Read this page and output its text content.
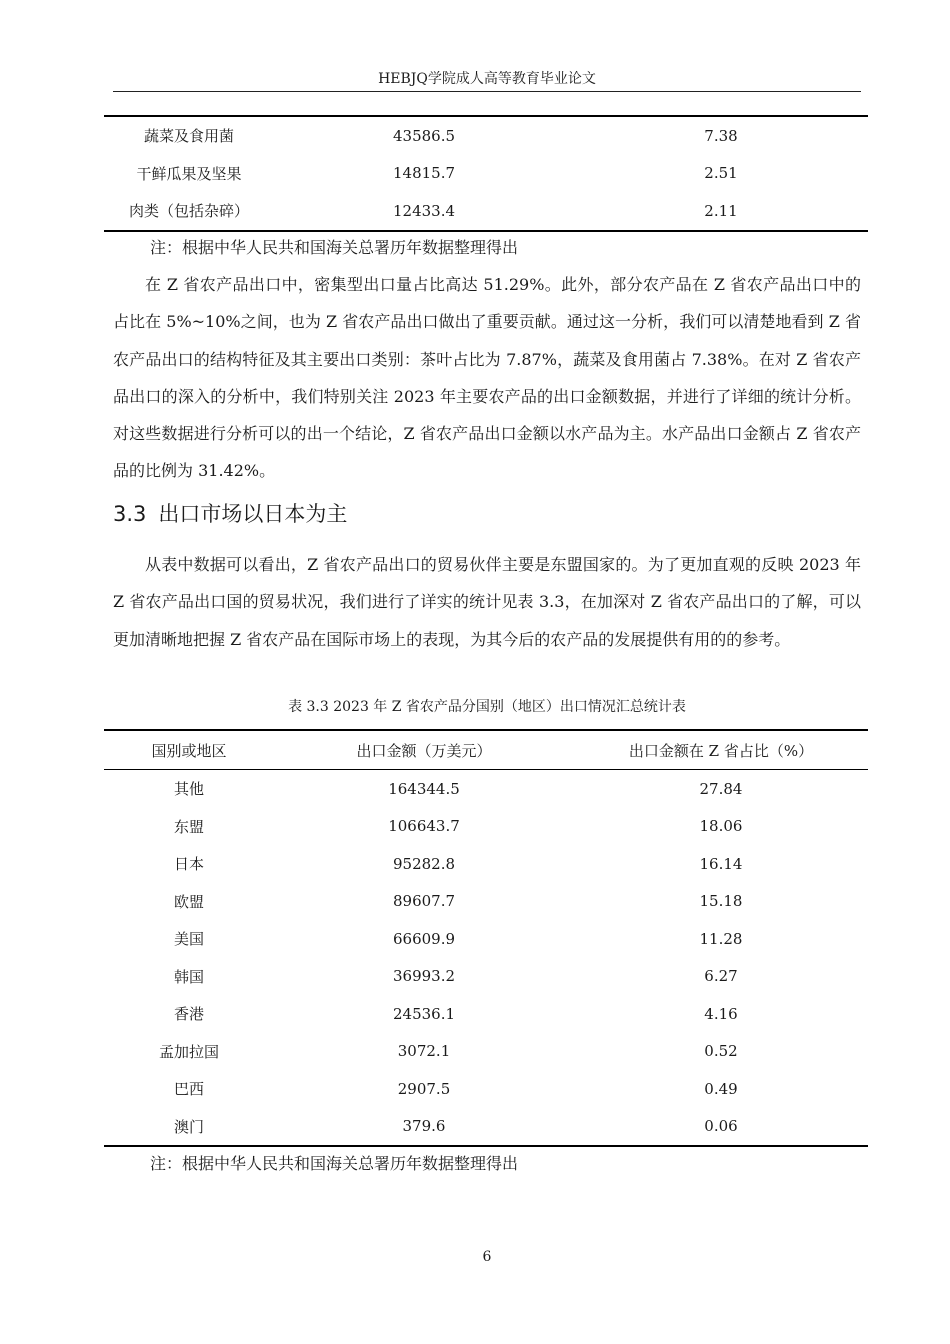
HEBJQ学院成人高等教育毕业论文
蔬菜及食用菌	43586.5	7.38
干鲜瓜果及坚果	14815.7	2.51
肉类（包括杂碎）	12433.4	2.11
注：根据中华人民共和国海关总署历年数据整理得出

在 Z 省农产品出口中，密集型出口量占比高达 51.29%。此外，部分农产品在 Z 省农产品出口中的占比在 5%~10%之间，也为 Z 省农产品出口做出了重要贡献。通过这一分析，我们可以清楚地看到 Z 省农产品出口的结构特征及其主要出口类别：茶叶占比为 7.87%，蔬菜及食用菌占 7.38%。在对 Z 省农产品出口的深入的分析中，我们特别关注 2023 年主要农产品的出口金额数据，并进行了详细的统计分析。对这些数据进行分析可以的出一个结论，Z 省农产品出口金额以水产品为主。水产品出口金额占 Z 省农产品的比例为 31.42%。

3.3 出口市场以日本为主

从表中数据可以看出，Z 省农产品出口的贸易伙伴主要是东盟国家的。为了更加直观的反映 2023 年 Z 省农产品出口国的贸易状况，我们进行了详实的统计见表 3.3，在加深对 Z 省农产品出口的了解，可以更加清晰地把握 Z 省农产品在国际市场上的表现，为其今后的农产品的发展提供有用的的参考。

表 3.3 2023 年 Z 省农产品分国别（地区）出口情况汇总统计表
国别或地区	出口金额（万美元）	出口金额在 Z 省占比（%）
其他	164344.5	27.84
东盟	106643.7	18.06
日本	95282.8	16.14
欧盟	89607.7	15.18
美国	66609.9	11.28
韩国	36993.2	6.27
香港	24536.1	4.16
孟加拉国	3072.1	0.52
巴西	2907.5	0.49
澳门	379.6	0.06
注：根据中华人民共和国海关总署历年数据整理得出
6
